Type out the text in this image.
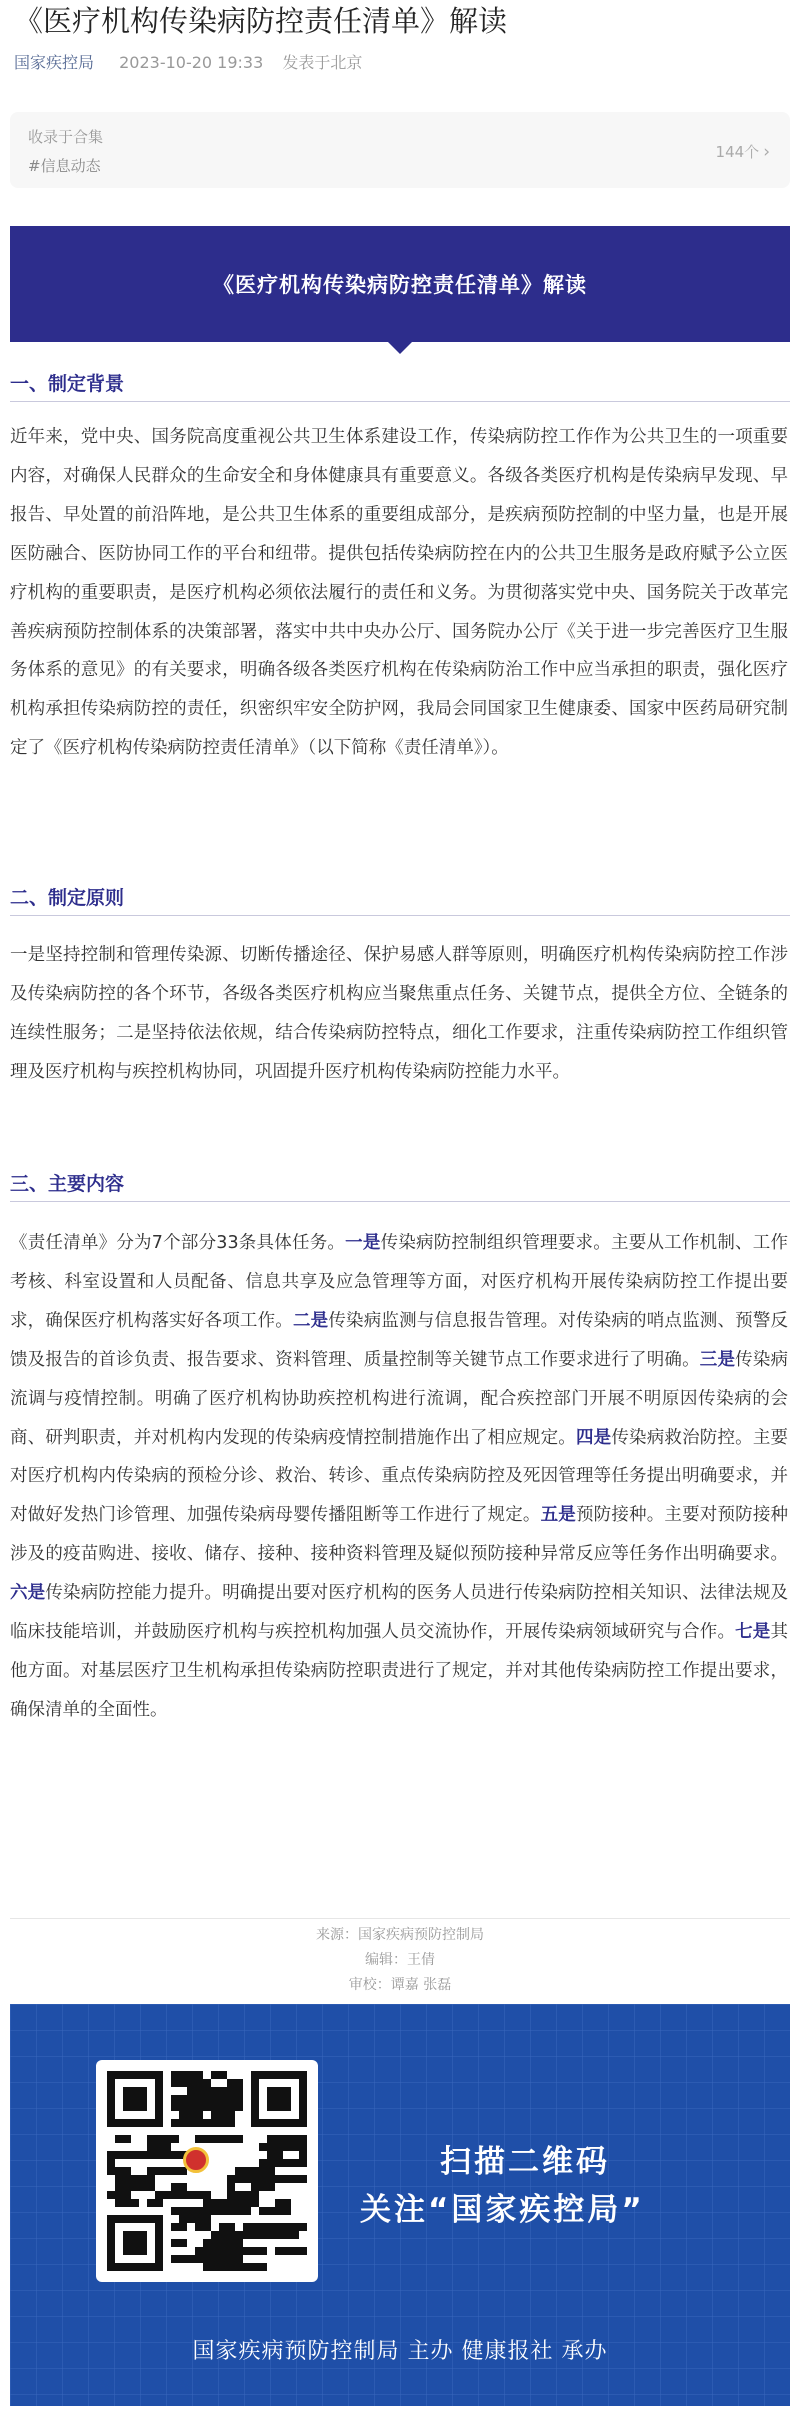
《医疗机构传染病防控责任清单》解读
国家疾控局 2023-10-20 19:33 发表于北京
收录于合集
#信息动态
144个 ›
《医疗机构传染病防控责任清单》解读
一、制定背景

近年来，党中央、国务院高度重视公共卫生体系建设工作，传染病防控工作作为公共卫生的一项重要内容，对确保人民群众的生命安全和身体健康具有重要意义。各级各类医疗机构是传染病早发现、早报告、早处置的前沿阵地，是公共卫生体系的重要组成部分，是疾病预防控制的中坚力量，也是开展医防融合、医防协同工作的平台和纽带。提供包括传染病防控在内的公共卫生服务是政府赋予公立医疗机构的重要职责，是医疗机构必须依法履行的责任和义务。为贯彻落实党中央、国务院关于改革完善疾病预防控制体系的决策部署，落实中共中央办公厅、国务院办公厅《关于进一步完善医疗卫生服务体系的意见》的有关要求，明确各级各类医疗机构在传染病防治工作中应当承担的职责，强化医疗机构承担传染病防控的责任，织密织牢安全防护网，我局会同国家卫生健康委、国家中医药局研究制定了《医疗机构传染病防控责任清单》（以下简称《责任清单》）。

二、制定原则

一是坚持控制和管理传染源、切断传播途径、保护易感人群等原则，明确医疗机构传染病防控工作涉及传染病防控的各个环节，各级各类医疗机构应当聚焦重点任务、关键节点，提供全方位、全链条的连续性服务；二是坚持依法依规，结合传染病防控特点，细化工作要求，注重传染病防控工作组织管理及医疗机构与疾控机构协同，巩固提升医疗机构传染病防控能力水平。

三、主要内容

《责任清单》分为7个部分33条具体任务。一是传染病防控制组织管理要求。主要从工作机制、工作考核、科室设置和人员配备、信息共享及应急管理等方面，对医疗机构开展传染病防控工作提出要求，确保医疗机构落实好各项工作。二是传染病监测与信息报告管理。对传染病的哨点监测、预警反馈及报告的首诊负责、报告要求、资料管理、质量控制等关键节点工作要求进行了明确。三是传染病流调与疫情控制。明确了医疗机构协助疾控机构进行流调，配合疾控部门开展不明原因传染病的会商、研判职责，并对机构内发现的传染病疫情控制措施作出了相应规定。四是传染病救治防控。主要对医疗机构内传染病的预检分诊、救治、转诊、重点传染病防控及死因管理等任务提出明确要求，并对做好发热门诊管理、加强传染病母婴传播阻断等工作进行了规定。五是预防接种。主要对预防接种涉及的疫苗购进、接收、储存、接种、接种资料管理及疑似预防接种异常反应等任务作出明确要求。六是传染病防控能力提升。明确提出要对医疗机构的医务人员进行传染病防控相关知识、法律法规及临床技能培训，并鼓励医疗机构与疾控机构加强人员交流协作，开展传染病领域研究与合作。七是其他方面。对基层医疗卫生机构承担传染病防控职责进行了规定，并对其他传染病防控工作提出要求，确保清单的全面性。

来源：国家疾病预防控制局
编辑：王倩
审校：谭嘉 张磊
扫描二维码
关注“国家疾控局”
国家疾病预防控制局 主办 健康报社 承办
